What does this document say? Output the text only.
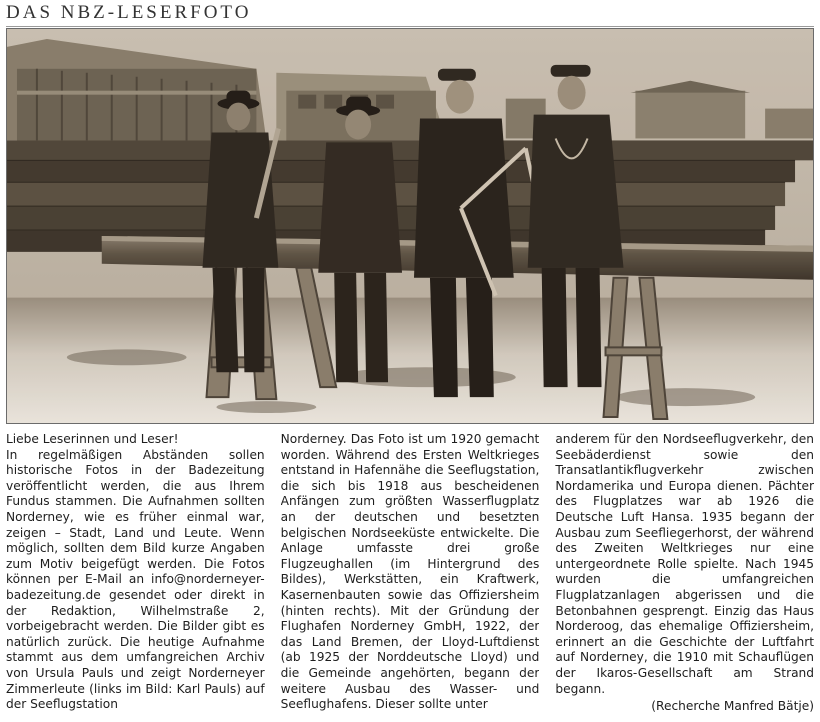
DAS NBZ-LESERFOTO

Liebe Leserinnen und Leser!

In regelmäßigen Abständen sollen historische Fotos in der Badezeitung veröffentlicht werden, die aus Ihrem Fundus stammen. Die Aufnahmen sollten Norderney, wie es früher einmal war, zeigen – Stadt, Land und Leute. Wenn möglich, sollten dem Bild kurze Angaben zum Motiv beigefügt werden. Die Fotos können per E-Mail an info@norderneyer-badezeitung.de gesendet oder direkt in der Redaktion, Wilhelmstraße 2, vorbeigebracht werden. Die Bilder gibt es natürlich zurück. Die heutige Aufnahme stammt aus dem umfangreichen Archiv von Ursula Pauls und zeigt Norderneyer Zimmerleute (links im Bild: Karl Pauls) auf der Seeflugstation

Norderney. Das Foto ist um 1920 gemacht worden. Während des Ersten Weltkrieges entstand in Hafennähe die Seeflugstation, die sich bis 1918 aus bescheidenen Anfängen zum größten Wasserflugplatz an der deutschen und besetzten belgischen Nordseeküste entwickelte. Die Anlage umfasste drei große Flugzeughallen (im Hintergrund des Bildes), Werkstätten, ein Kraftwerk, Kasernenbauten sowie das Offiziersheim (hinten rechts). Mit der Gründung der Flughafen Norderney GmbH, 1922, der das Land Bremen, der Lloyd-Luftdienst (ab 1925 der Norddeutsche Lloyd) und die Gemeinde angehörten, begann der weitere Ausbau des Wasser- und Seeflughafens. Dieser sollte unter

anderem für den Nordseeflugverkehr, den Seebäderdienst sowie den Transatlantikflugverkehr zwischen Nordamerika und Europa dienen. Pächter des Flugplatzes war ab 1926 die Deutsche Luft Hansa. 1935 begann der Ausbau zum Seefliegerhorst, der während des Zweiten Weltkrieges nur eine untergeordnete Rolle spielte. Nach 1945 wurden die umfangreichen Flugplatzanlagen abgerissen und die Betonbahnen gesprengt. Einzig das Haus Norderoog, das ehemalige Offiziersheim, erinnert an die Geschichte der Luftfahrt auf Norderney, die 1910 mit Schauflügen der Ikaros-Gesellschaft am Strand begann.

(Recherche Manfred Bätje)
